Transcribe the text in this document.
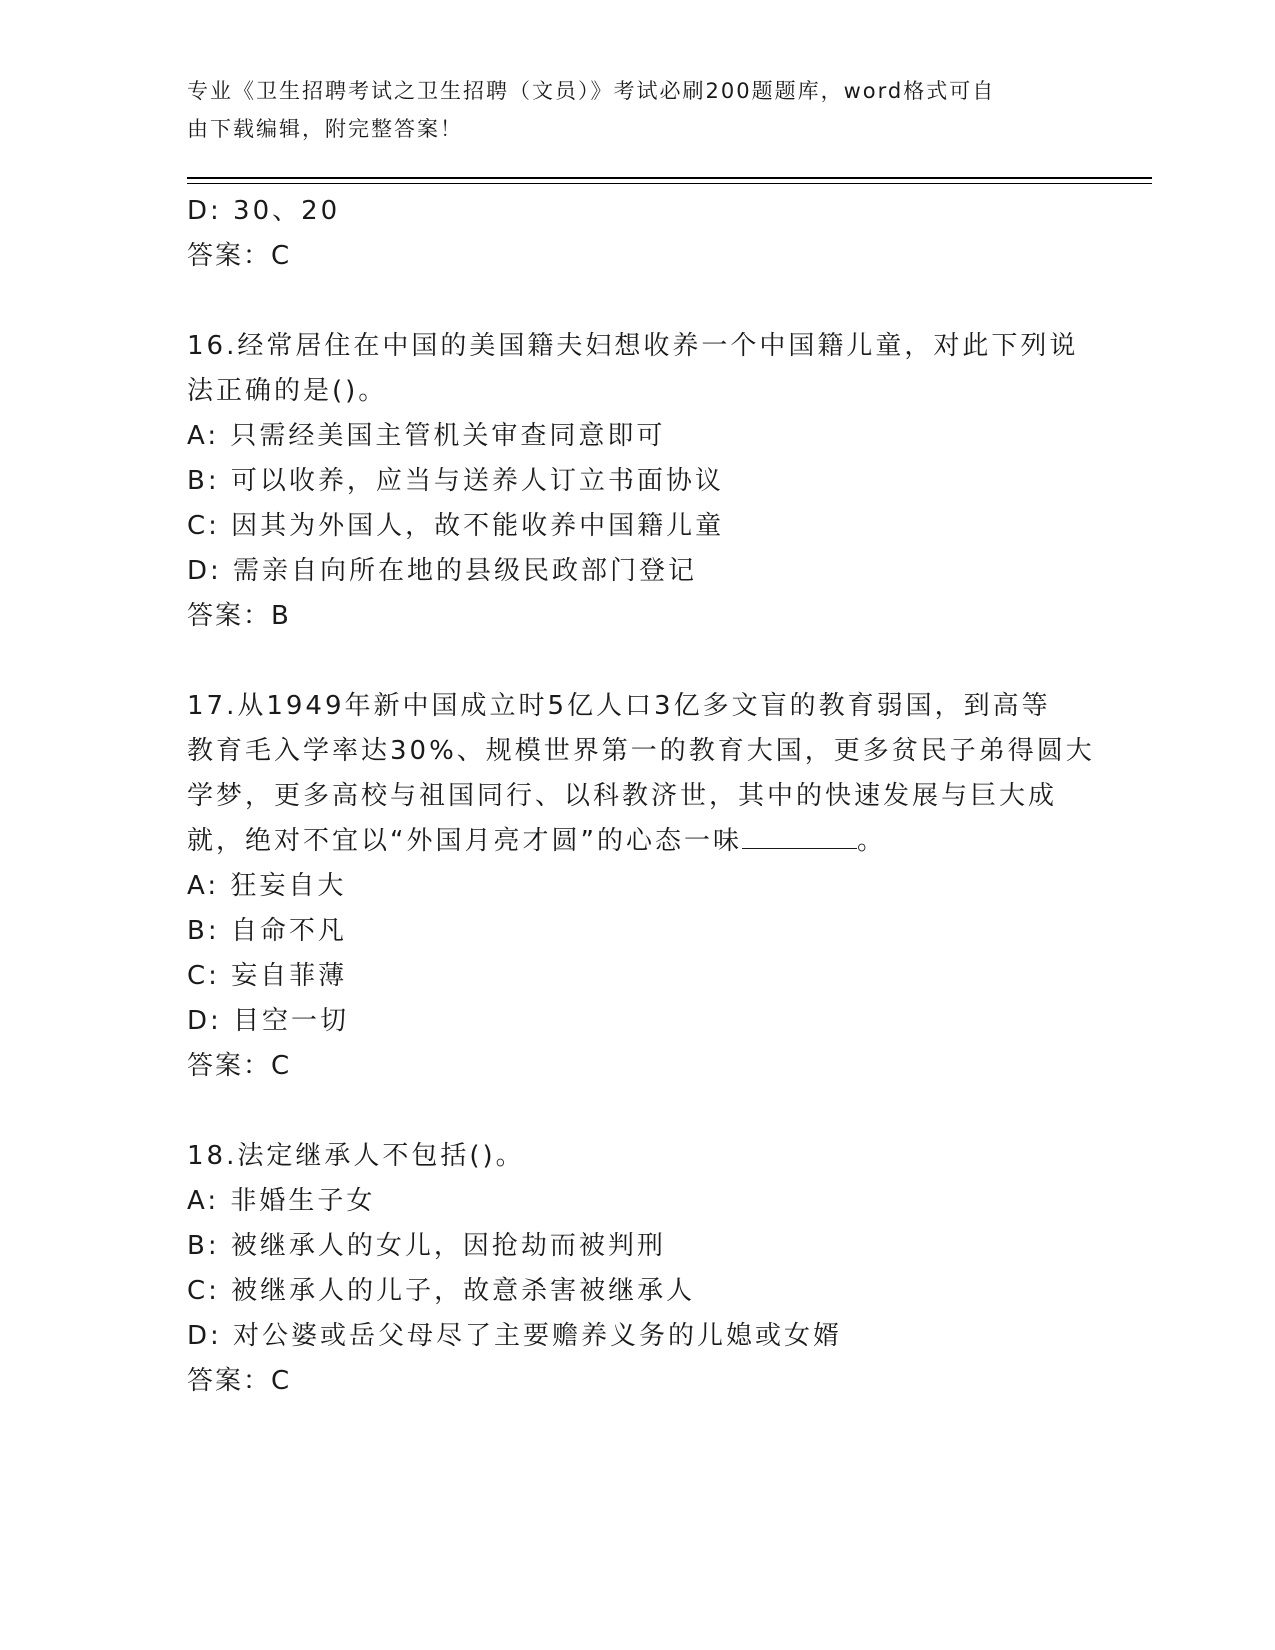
专业《卫生招聘考试之卫生招聘（文员）》考试必刷200题题库，word格式可自
由下载编辑，附完整答案！
D: 30、20
答案：C
16.经常居住在中国的美国籍夫妇想收养一个中国籍儿童，对此下列说
法正确的是()。
A: 只需经美国主管机关审查同意即可
B: 可以收养，应当与送养人订立书面协议
C: 因其为外国人，故不能收养中国籍儿童
D: 需亲自向所在地的县级民政部门登记
答案：B
17.从1949年新中国成立时5亿人口3亿多文盲的教育弱国，到高等
教育毛入学率达30%、规模世界第一的教育大国，更多贫民子弟得圆大
学梦，更多高校与祖国同行、以科教济世，其中的快速发展与巨大成
就，绝对不宜以“外国月亮才圆”的心态一味	。
A: 狂妄自大
B: 自命不凡
C: 妄自菲薄
D: 目空一切
答案：C
18.法定继承人不包括()。
A: 非婚生子女
B: 被继承人的女儿，因抢劫而被判刑
C: 被继承人的儿子，故意杀害被继承人
D: 对公婆或岳父母尽了主要赡养义务的儿媳或女婿
答案：C
